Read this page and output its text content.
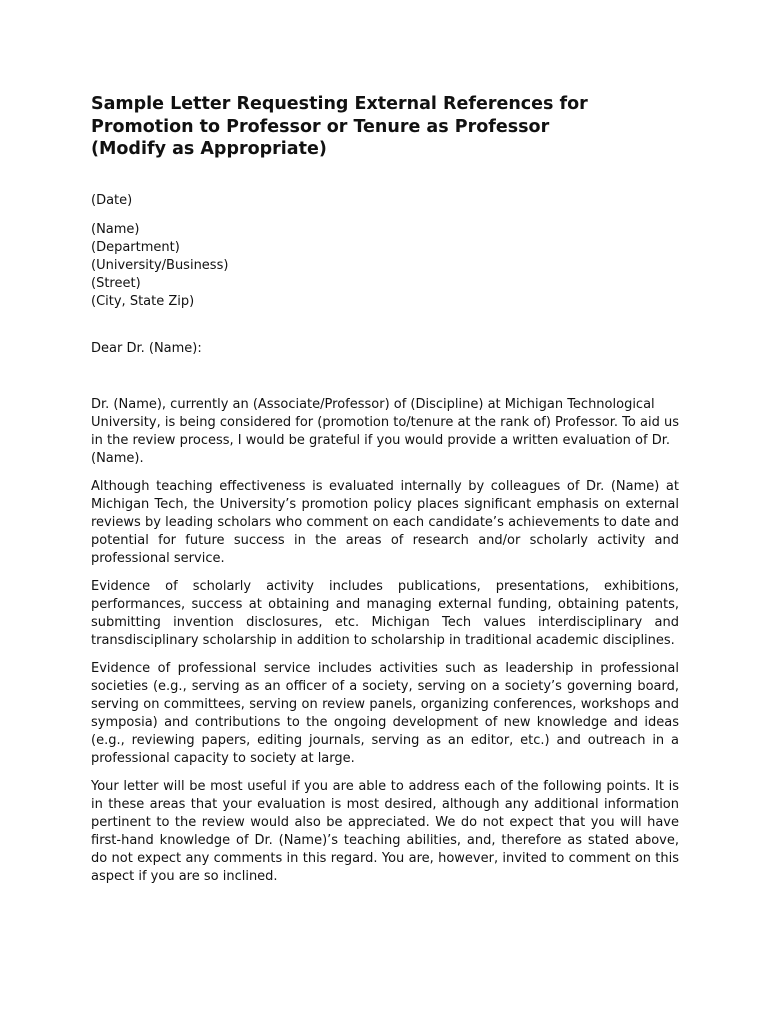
Sample Letter Requesting External References for
Promotion to Professor or Tenure as Professor
(Modify as Appropriate)

(Date)

(Name)
(Department)
(University/Business)
(Street)
(City, State Zip)

Dear Dr. (Name):

Dr. (Name), currently an (Associate/Professor) of (Discipline) at Michigan Technological University, is being considered for (promotion to/tenure at the rank of) Professor. To aid us in the review process, I would be grateful if you would provide a written evaluation of Dr. (Name).

Although teaching effectiveness is evaluated internally by colleagues of Dr. (Name) at Michigan Tech, the University’s promotion policy places significant emphasis on external reviews by leading scholars who comment on each candidate’s achievements to date and potential for future success in the areas of research and/or scholarly activity and professional service.

Evidence of scholarly activity includes publications, presentations, exhibitions, performances, success at obtaining and managing external funding, obtaining patents, submitting invention disclosures, etc. Michigan Tech values interdisciplinary and transdisciplinary scholarship in addition to scholarship in traditional academic disciplines.

Evidence of professional service includes activities such as leadership in professional societies (e.g., serving as an officer of a society, serving on a society’s governing board, serving on committees, serving on review panels, organizing conferences, workshops and symposia) and contributions to the ongoing development of new knowledge and ideas (e.g., reviewing papers, editing journals, serving as an editor, etc.) and outreach in a professional capacity to society at large.

Your letter will be most useful if you are able to address each of the following points. It is in these areas that your evaluation is most desired, although any additional information pertinent to the review would also be appreciated. We do not expect that you will have first-hand knowledge of Dr. (Name)’s teaching abilities, and, therefore as stated above, do not expect any comments in this regard. You are, however, invited to comment on this aspect if you are so inclined.
